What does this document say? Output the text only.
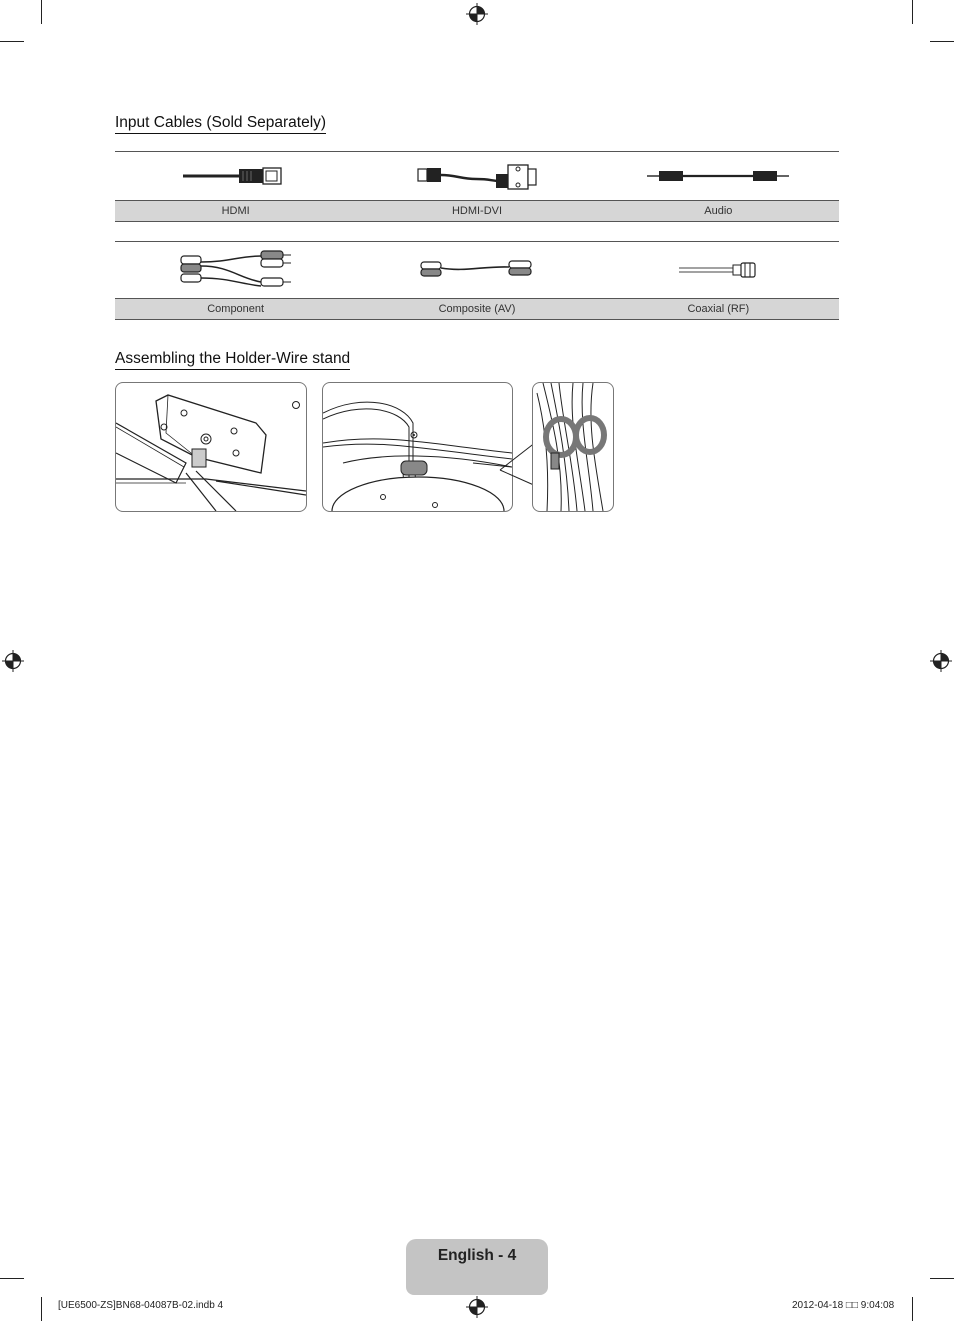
Input Cables (Sold Separately)
HDMI	HDMI-DVI	Audio
Component	Composite (AV)	Coaxial (RF)
Assembling the Holder-Wire stand
English - 4
[UE6500-ZS]BN68-04087B-02.indb 4	2012-04-18 □□ 9:04:08
